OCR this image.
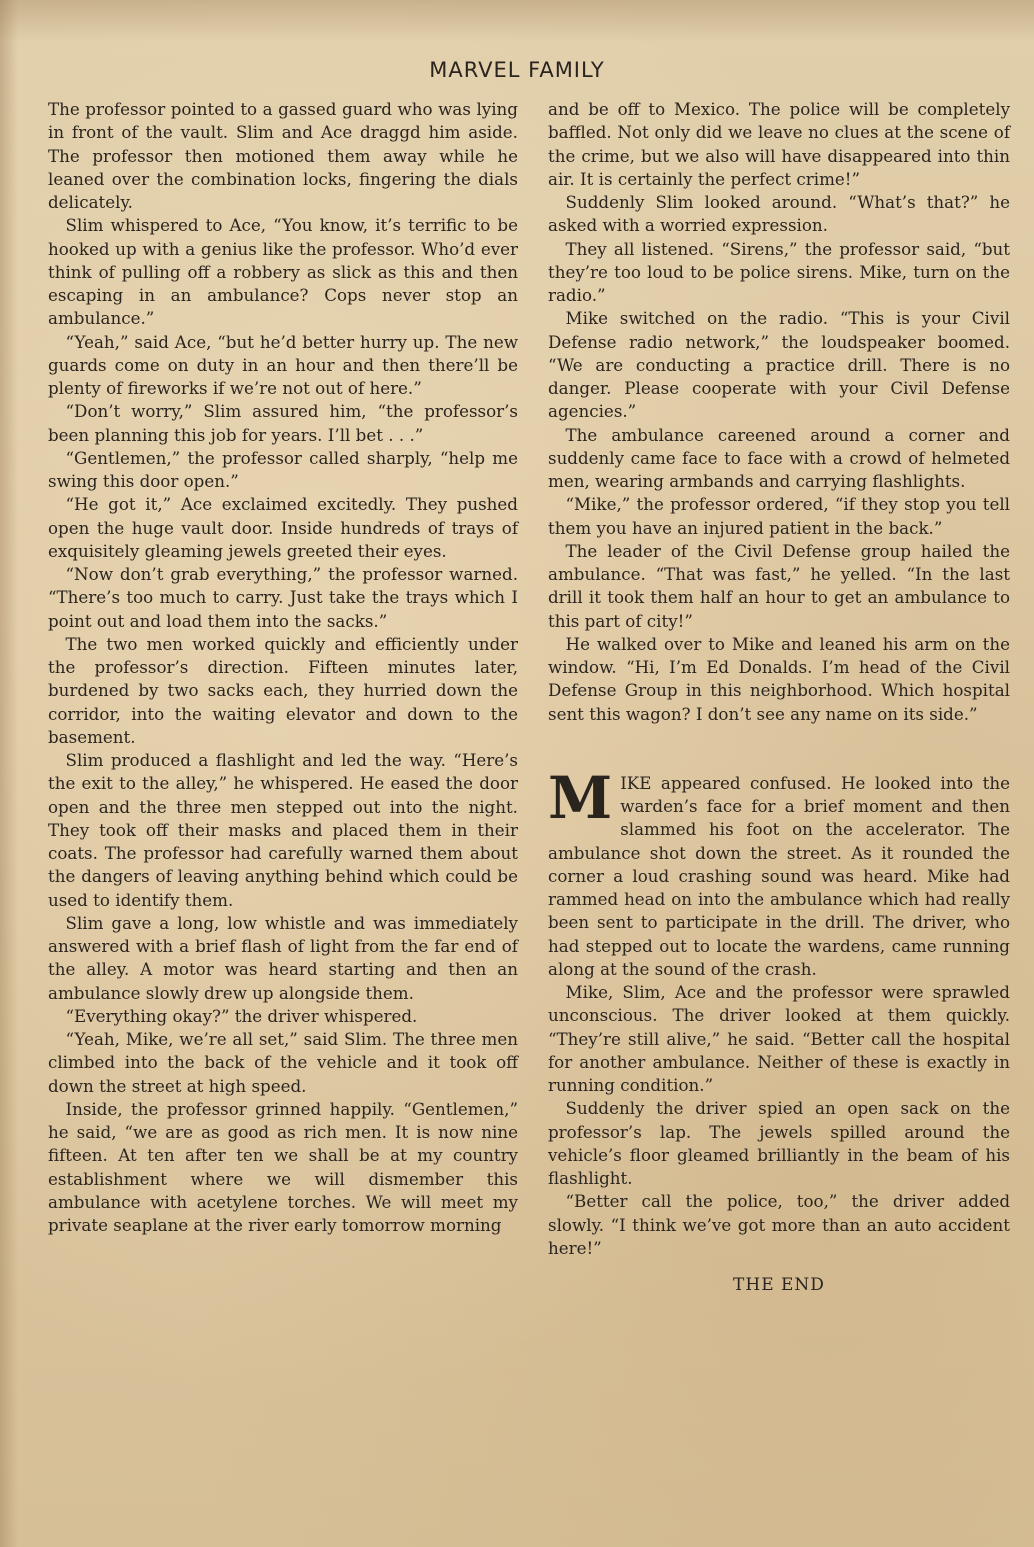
MARVEL FAMILY

The professor pointed to a gassed guard who was lying in front of the vault. Slim and Ace draggd him aside. The professor then motioned them away while he leaned over the combination locks, fingering the dials delicately.

Slim whispered to Ace, “You know, it’s terrific to be hooked up with a genius like the professor. Who’d ever think of pulling off a robbery as slick as this and then escaping in an ambulance? Cops never stop an ambulance.”

“Yeah,” said Ace, “but he’d better hurry up. The new guards come on duty in an hour and then there’ll be plenty of fireworks if we’re not out of here.”

“Don’t worry,” Slim assured him, “the professor’s been planning this job for years. I’ll bet . . .”

“Gentlemen,” the professor called sharply, “help me swing this door open.”

“He got it,” Ace exclaimed excitedly. They pushed open the huge vault door. Inside hundreds of trays of exquisitely gleaming jewels greeted their eyes.

“Now don’t grab everything,” the professor warned. “There’s too much to carry. Just take the trays which I point out and load them into the sacks.”

The two men worked quickly and efficiently under the professor’s direction. Fifteen minutes later, burdened by two sacks each, they hurried down the corridor, into the waiting elevator and down to the basement.

Slim produced a flashlight and led the way. “Here’s the exit to the alley,” he whispered. He eased the door open and the three men stepped out into the night. They took off their masks and placed them in their coats. The professor had carefully warned them about the dangers of leaving anything behind which could be used to identify them.

Slim gave a long, low whistle and was immediately answered with a brief flash of light from the far end of the alley. A motor was heard starting and then an ambulance slowly drew up alongside them.

“Everything okay?” the driver whispered.

“Yeah, Mike, we’re all set,” said Slim. The three men climbed into the back of the vehicle and it took off down the street at high speed.

Inside, the professor grinned happily. “Gentlemen,” he said, “we are as good as rich men. It is now nine fifteen. At ten after ten we shall be at my country establishment where we will dismember this ambulance with acetylene torches. We will meet my private seaplane at the river early tomorrow morning

and be off to Mexico. The police will be completely baffled. Not only did we leave no clues at the scene of the crime, but we also will have disappeared into thin air. It is certainly the perfect crime!”

Suddenly Slim looked around. “What’s that?” he asked with a worried expression.

They all listened. “Sirens,” the professor said, “but they’re too loud to be police sirens. Mike, turn on the radio.”

Mike switched on the radio. “This is your Civil Defense radio network,” the loudspeaker boomed. “We are conducting a practice drill. There is no danger. Please cooperate with your Civil Defense agencies.”

The ambulance careened around a corner and suddenly came face to face with a crowd of helmeted men, wearing armbands and carrying flashlights.

“Mike,” the professor ordered, “if they stop you tell them you have an injured patient in the back.”

The leader of the Civil Defense group hailed the ambulance. “That was fast,” he yelled. “In the last drill it took them half an hour to get an ambulance to this part of city!”

He walked over to Mike and leaned his arm on the window. “Hi, I’m Ed Donalds. I’m head of the Civil Defense Group in this neighborhood. Which hospital sent this wagon? I don’t see any name on its side.”

MIKE appeared confused. He looked into the warden’s face for a brief moment and then slammed his foot on the accelerator. The ambulance shot down the street. As it rounded the corner a loud crashing sound was heard. Mike had rammed head on into the ambulance which had really been sent to participate in the drill. The driver, who had stepped out to locate the wardens, came running along at the sound of the crash.

Mike, Slim, Ace and the professor were sprawled unconscious. The driver looked at them quickly. “They’re still alive,” he said. “Better call the hospital for another ambulance. Neither of these is exactly in running condition.”

Suddenly the driver spied an open sack on the professor’s lap. The jewels spilled around the vehicle’s floor gleamed brilliantly in the beam of his flashlight.

“Better call the police, too,” the driver added slowly. “I think we’ve got more than an auto accident here!”

THE END
